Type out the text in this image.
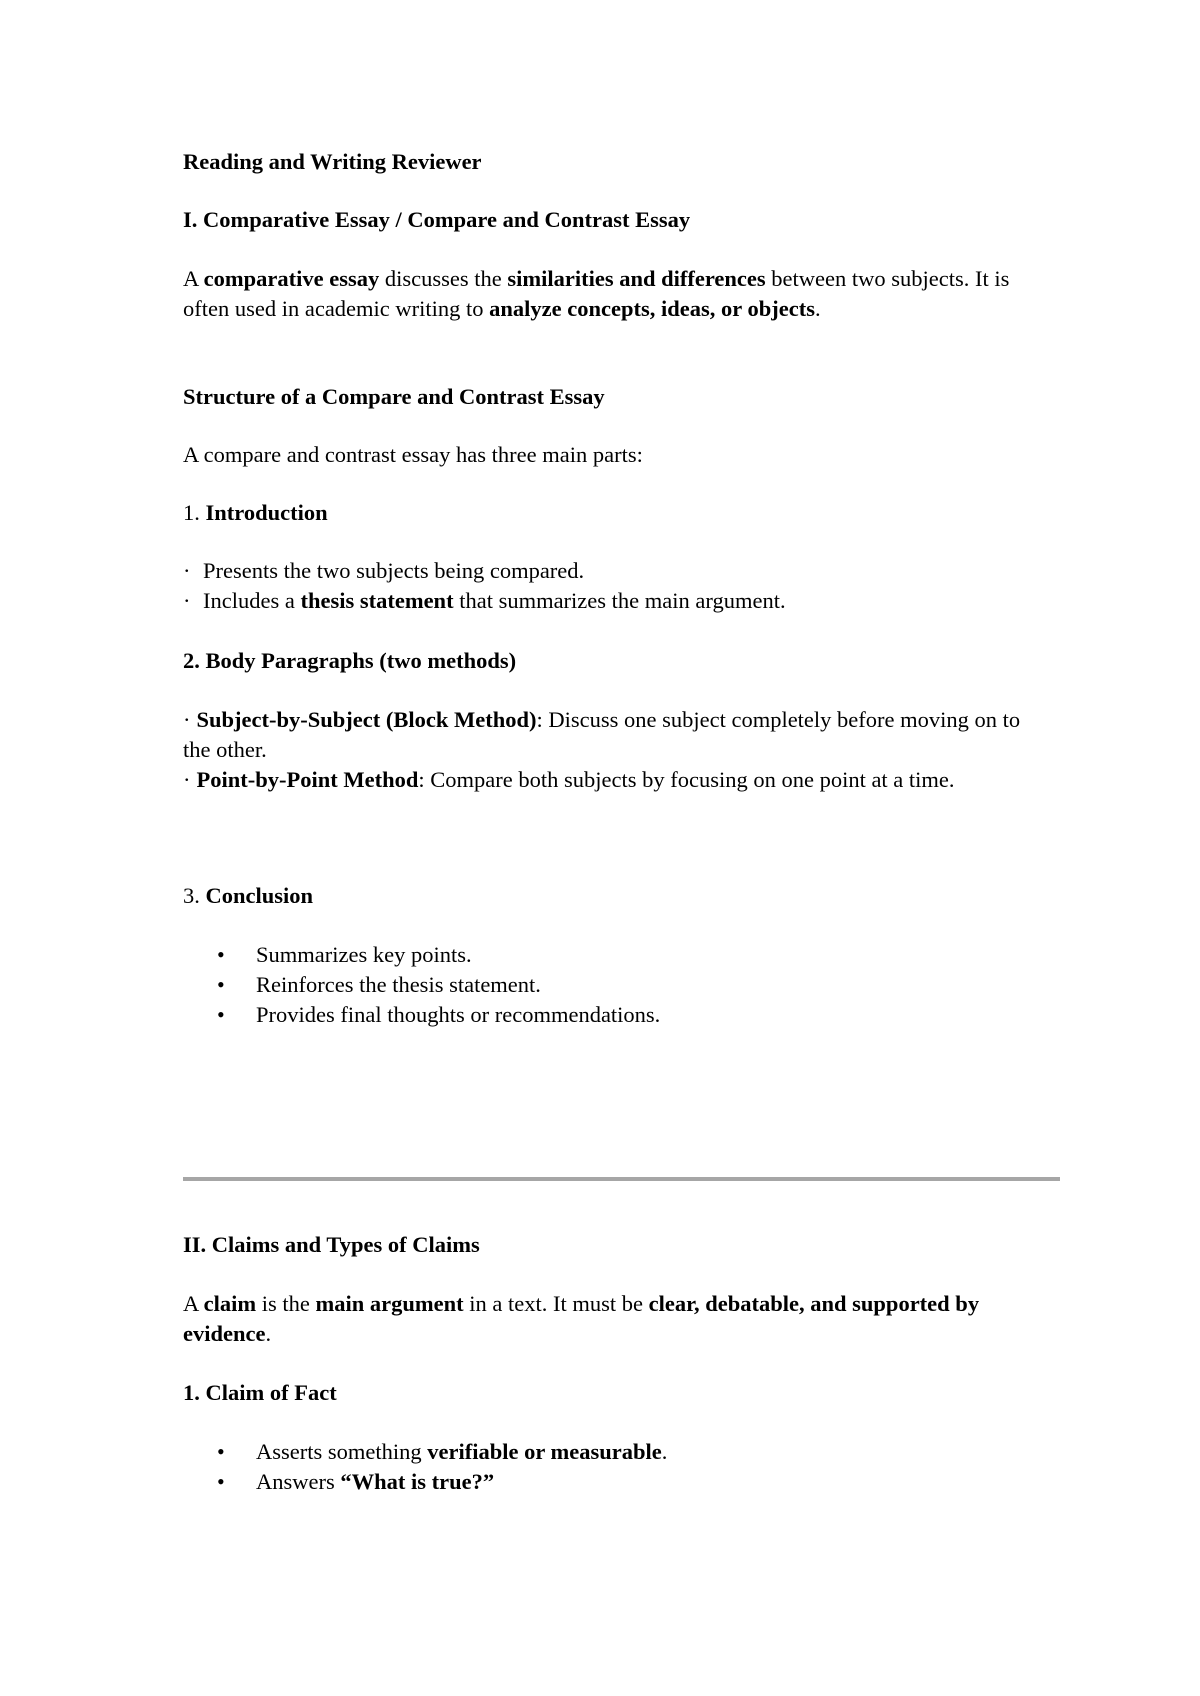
Reading and Writing Reviewer

I. Comparative Essay / Compare and Contrast Essay

A comparative essay discusses the similarities and differences between two subjects. It is often used in academic writing to analyze concepts, ideas, or objects.

Structure of a Compare and Contrast Essay

A compare and contrast essay has three main parts:

1. Introduction

· Presents the two subjects being compared.
· Includes a thesis statement that summarizes the main argument.

2. Body Paragraphs (two methods)

· Subject-by-Subject (Block Method): Discuss one subject completely before moving on to the other.
· Point-by-Point Method: Compare both subjects by focusing on one point at a time.

3. Conclusion

• Summarizes key points.
• Reinforces the thesis statement.
• Provides final thoughts or recommendations.

II. Claims and Types of Claims

A claim is the main argument in a text. It must be clear, debatable, and supported by evidence.

1. Claim of Fact

• Asserts something verifiable or measurable.
• Answers “What is true?”
